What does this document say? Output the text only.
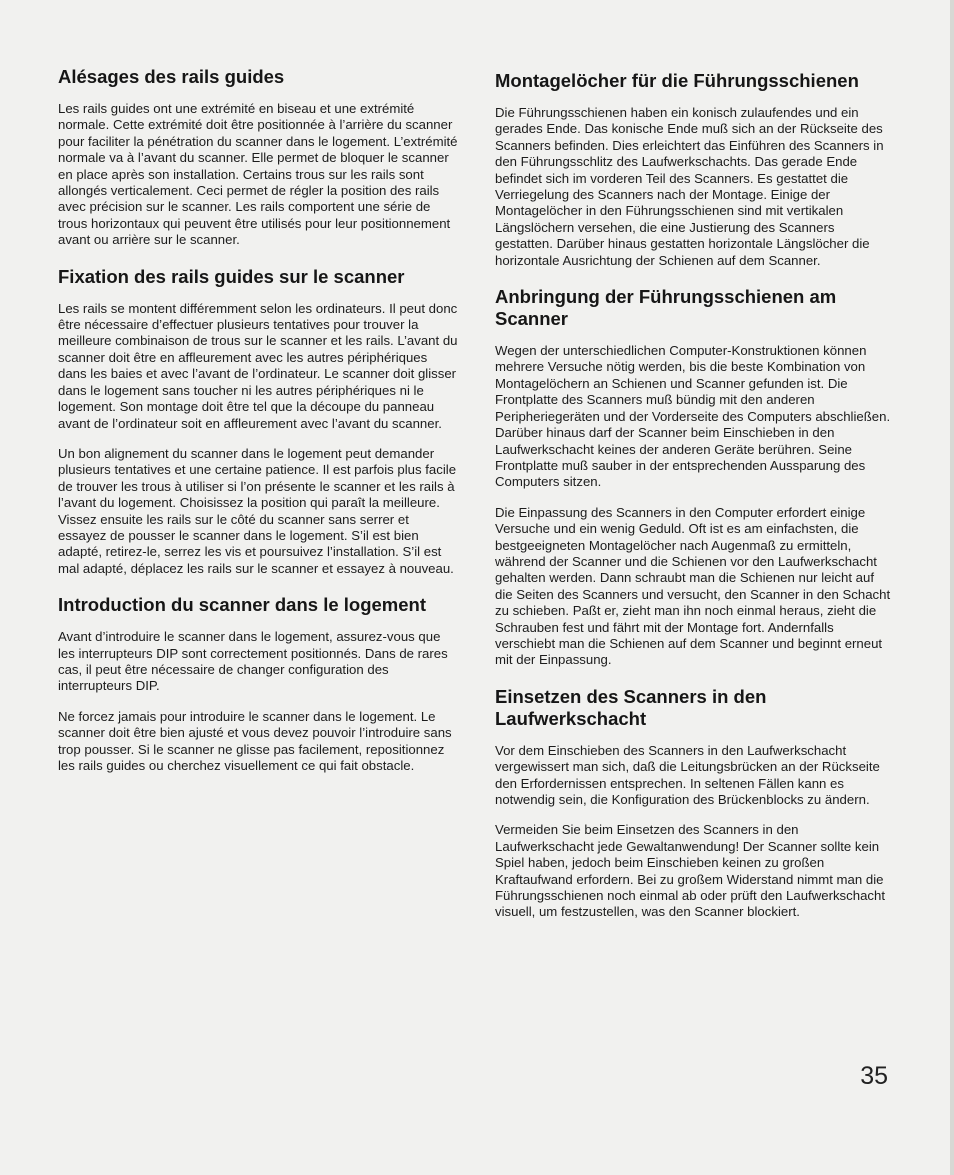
Alésages des rails guides

Les rails guides ont une extrémité en biseau et une extrémité normale. Cette extrémité doit être positionnée à l’arrière du scanner pour faciliter la pénétration du scanner dans le logement. L’extrémité normale va à l’avant du scanner. Elle permet de bloquer le scanner en place après son installation. Certains trous sur les rails sont allongés verticalement. Ceci permet de régler la position des rails avec précision sur le scanner. Les rails comportent une série de trous horizontaux qui peuvent être utilisés pour leur positionnement avant ou arrière sur le scanner.

Fixation des rails guides sur le scanner

Les rails se montent différemment selon les ordinateurs. Il peut donc être nécessaire d’effectuer plusieurs tentatives pour trouver la meilleure combinaison de trous sur le scanner et les rails. L’avant du scanner doit être en affleurement avec les autres périphériques dans les baies et avec l’avant de l’ordinateur. Le scanner doit glisser dans le logement sans toucher ni les autres périphériques ni le logement. Son montage doit être tel que la découpe du panneau avant de l’ordinateur soit en affleurement avec l’avant du scanner.

Un bon alignement du scanner dans le logement peut demander plusieurs tentatives et une certaine patience. Il est parfois plus facile de trouver les trous à utiliser si l’on présente le scanner et les rails à l’avant du logement. Choisissez la position qui paraît la meilleure. Vissez ensuite les rails sur le côté du scanner sans serrer et essayez de pousser le scanner dans le logement. S’il est bien adapté, retirez-le, serrez les vis et poursuivez l’installation. S’il est mal adapté, déplacez les rails sur le scanner et essayez à nouveau.

Introduction du scanner dans le logement

Avant d’introduire le scanner dans le logement, assurez-vous que les interrupteurs DIP sont correctement positionnés. Dans de rares cas, il peut être nécessaire de changer configuration des interrupteurs DIP.

Ne forcez jamais pour introduire le scanner dans le logement. Le scanner doit être bien ajusté et vous devez pouvoir l’introduire sans trop pousser. Si le scanner ne glisse pas facilement, repositionnez les rails guides ou cherchez visuellement ce qui fait obstacle.

Montagelöcher für die Führungsschienen

Die Führungsschienen haben ein konisch zulaufendes und ein gerades Ende. Das konische Ende muß sich an der Rückseite des Scanners befinden. Dies erleichtert das Einführen des Scanners in den Führungsschlitz des Laufwerkschachts. Das gerade Ende befindet sich im vorderen Teil des Scanners. Es gestattet die Verriegelung des Scanners nach der Montage. Einige der Montagelöcher in den Führungsschienen sind mit vertikalen Längslöchern versehen, die eine Justierung des Scanners gestatten. Darüber hinaus gestatten horizontale Längslöcher die horizontale Ausrichtung der Schienen auf dem Scanner.

Anbringung der Führungsschienen am Scanner

Wegen der unterschiedlichen Computer-Konstruktionen können mehrere Versuche nötig werden, bis die beste Kombination von Montagelöchern an Schienen und Scanner gefunden ist. Die Frontplatte des Scanners muß bündig mit den anderen Peripheriegeräten und der Vorderseite des Computers abschließen. Darüber hinaus darf der Scanner beim Einschieben in den Laufwerkschacht keines der anderen Geräte berühren. Seine Frontplatte muß sauber in der entsprechenden Aussparung des Computers sitzen.

Die Einpassung des Scanners in den Computer erfordert einige Versuche und ein wenig Geduld. Oft ist es am einfachsten, die bestgeeigneten Montagelöcher nach Augenmaß zu ermitteln, während der Scanner und die Schienen vor den Laufwerkschacht gehalten werden. Dann schraubt man die Schienen nur leicht auf die Seiten des Scanners und versucht, den Scanner in den Schacht zu schieben. Paßt er, zieht man ihn noch einmal heraus, zieht die Schrauben fest und fährt mit der Montage fort. Andernfalls verschiebt man die Schienen auf dem Scanner und beginnt erneut mit der Einpassung.

Einsetzen des Scanners in den Laufwerkschacht

Vor dem Einschieben des Scanners in den Laufwerkschacht vergewissert man sich, daß die Leitungsbrücken an der Rückseite den Erfordernissen entsprechen. In seltenen Fällen kann es notwendig sein, die Konfiguration des Brückenblocks zu ändern.

Vermeiden Sie beim Einsetzen des Scanners in den Laufwerkschacht jede Gewaltanwendung! Der Scanner sollte kein Spiel haben, jedoch beim Einschieben keinen zu großen Kraftaufwand erfordern. Bei zu großem Widerstand nimmt man die Führungsschienen noch einmal ab oder prüft den Laufwerkschacht visuell, um festzustellen, was den Scanner blockiert.

35
